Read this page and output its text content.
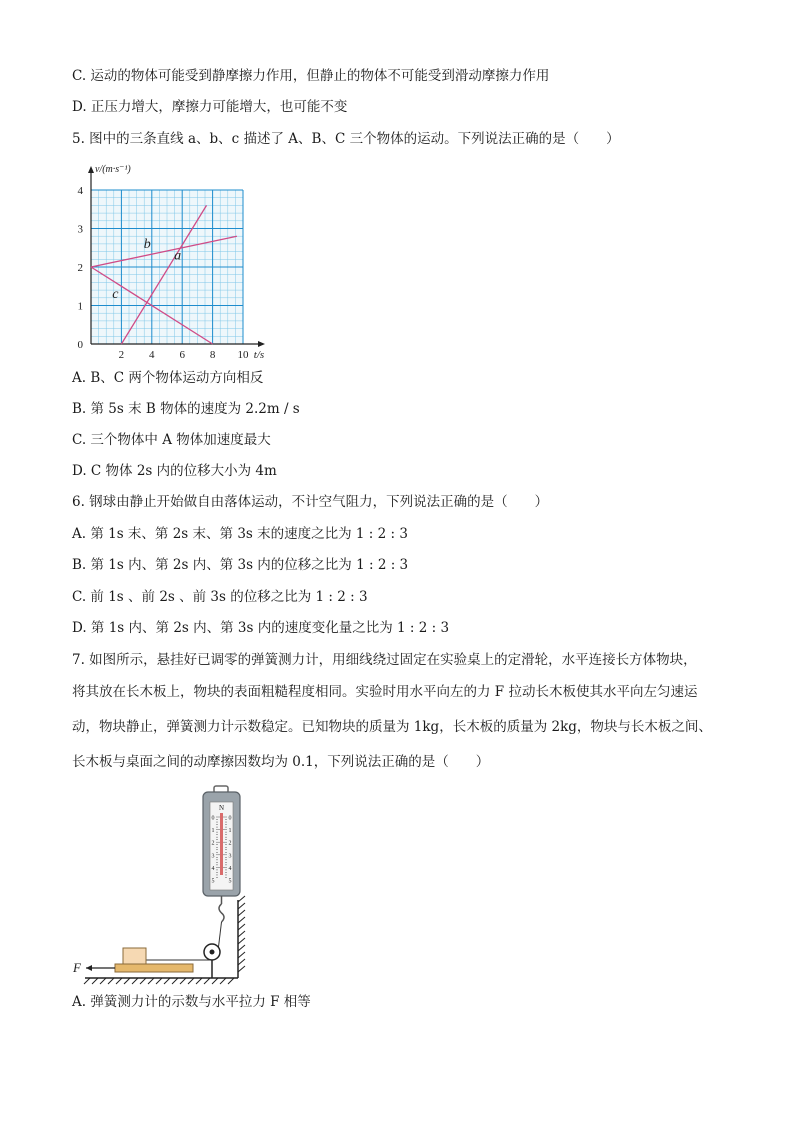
C. 运动的物体可能受到静摩擦力作用，但静止的物体不可能受到滑动摩擦力作用
D. 正压力增大，摩擦力可能增大，也可能不变
5. 图中的三条直线 a、b、c 描述了 A、B、C 三个物体的运动。下列说法正确的是（　　）
a
b
c
2 4 6 8 10
1
2
3
4
0
t/s
v/(m·s⁻¹)
A. B、C 两个物体运动方向相反
B. 第 5s 末 B 物体的速度为 2.2m / s
C. 三个物体中 A 物体加速度最大
D. C 物体 2s 内的位移大小为 4m
6. 钢球由静止开始做自由落体运动，不计空气阻力，下列说法正确的是（　　）
A. 第 1s 末、第 2s 末、第 3s 末的速度之比为 1 : 2 : 3
B. 第 1s 内、第 2s 内、第 3s 内的位移之比为 1 : 2 : 3
C. 前 1s 、前 2s 、前 3s 的位移之比为 1 : 2 : 3
D. 第 1s 内、第 2s 内、第 3s 内的速度变化量之比为 1 : 2 : 3
7. 如图所示，悬挂好已调零的弹簧测力计，用细线绕过固定在实验桌上的定滑轮，水平连接长方体物块，
将其放在长木板上，物块的表面粗糙程度相同。实验时用水平向左的力 F 拉动长木板使其水平向左匀速运
动，物块静止，弹簧测力计示数稳定。已知物块的质量为 1kg，长木板的质量为 2kg，物块与长木板之间、
长木板与桌面之间的动摩擦因数均为 0.1，下列说法正确的是（　　）
N
0 0
1 1
2 2
3 3
4 4
5 5
F
A. 弹簧测力计的示数与水平拉力 F 相等
